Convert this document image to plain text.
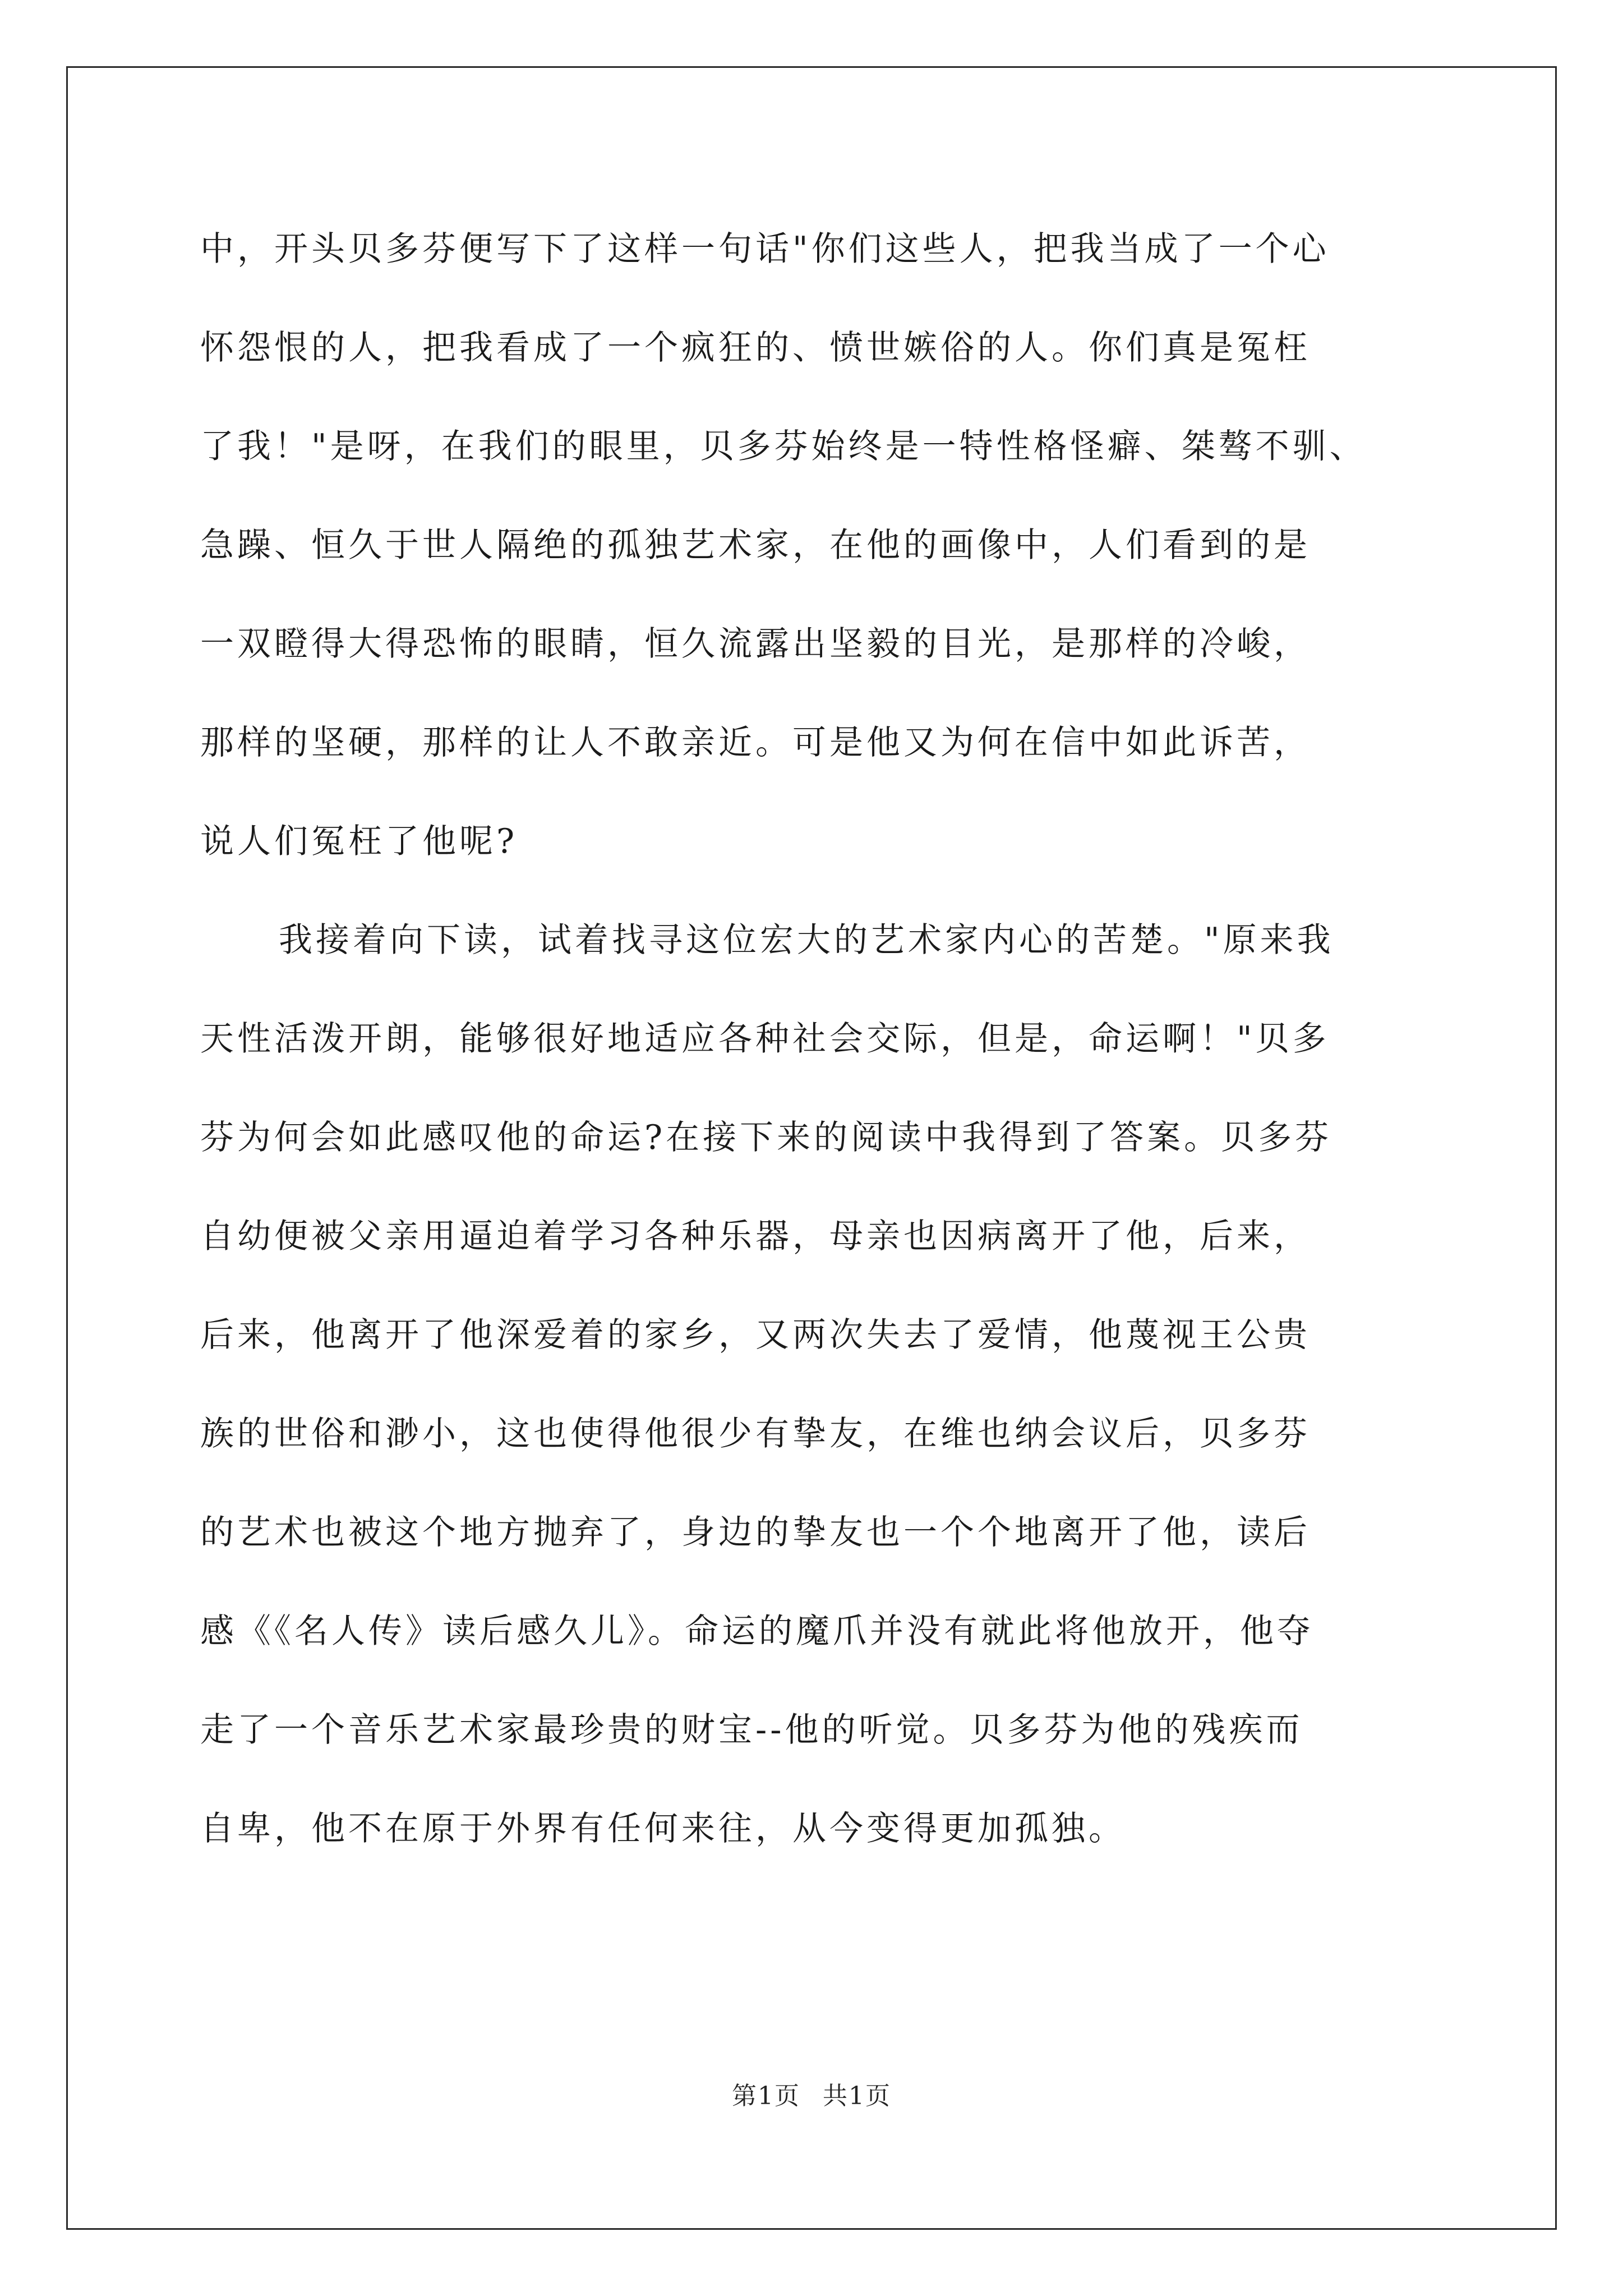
中，开头贝多芬便写下了这样一句话"你们这些人，把我当成了一个心
怀怨恨的人，把我看成了一个疯狂的、愤世嫉俗的人。你们真是冤枉
了我！"是呀，在我们的眼里，贝多芬始终是一特性格怪癖、桀骜不驯、
急躁、恒久于世人隔绝的孤独艺术家，在他的画像中，人们看到的是
一双瞪得大得恐怖的眼睛，恒久流露出坚毅的目光，是那样的冷峻，
那样的坚硬，那样的让人不敢亲近。可是他又为何在信中如此诉苦，
说人们冤枉了他呢?
我接着向下读，试着找寻这位宏大的艺术家内心的苦楚。"原来我
天性活泼开朗，能够很好地适应各种社会交际，但是，命运啊！"贝多
芬为何会如此感叹他的命运?在接下来的阅读中我得到了答案。贝多芬
自幼便被父亲用逼迫着学习各种乐器，母亲也因病离开了他，后来，
后来，他离开了他深爱着的家乡，又两次失去了爱情，他蔑视王公贵
族的世俗和渺小，这也使得他很少有挚友，在维也纳会议后，贝多芬
的艺术也被这个地方抛弃了，身边的挚友也一个个地离开了他，读后
感《《名人传》读后感久儿》。命运的魔爪并没有就此将他放开，他夺
走了一个音乐艺术家最珍贵的财宝--他的听觉。贝多芬为他的残疾而
自卑，他不在原于外界有任何来往，从今变得更加孤独。
第1页 共1页
